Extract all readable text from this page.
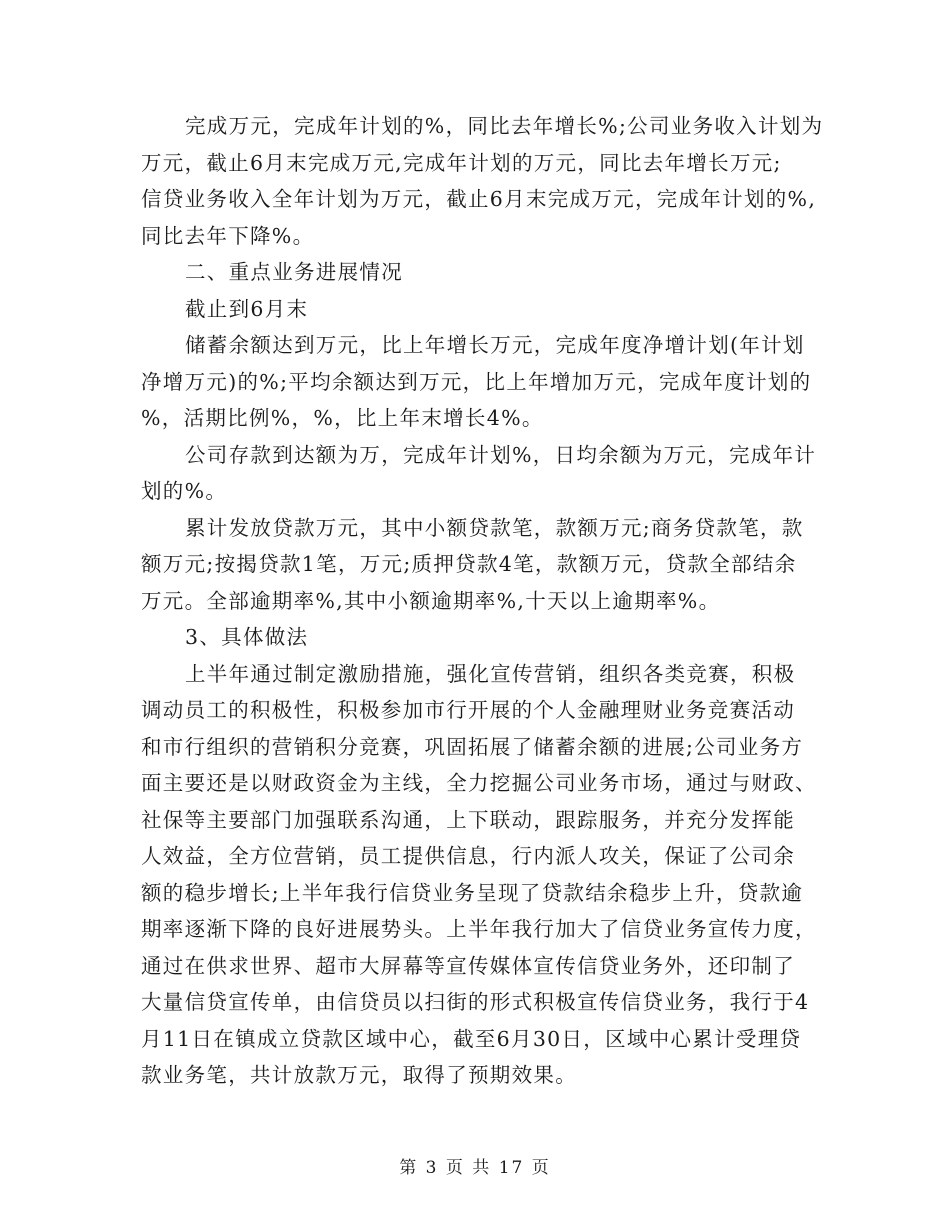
完成万元，完成年计划的%，同比去年增长%;公司业务收入计划为
万元，截止6月末完成万元,完成年计划的万元，同比去年增长万元;
信贷业务收入全年计划为万元，截止6月末完成万元，完成年计划的%,
同比去年下降%。

二、重点业务进展情况

截止到6月末

储蓄余额达到万元，比上年增长万元，完成年度净增计划(年计划
净增万元)的%;平均余额达到万元，比上年增加万元，完成年度计划的
%，活期比例%，%，比上年末增长4%。

公司存款到达额为万，完成年计划%，日均余额为万元，完成年计
划的%。

累计发放贷款万元，其中小额贷款笔，款额万元;商务贷款笔，款
额万元;按揭贷款1笔，万元;质押贷款4笔，款额万元，贷款全部结余
万元。全部逾期率%,其中小额逾期率%,十天以上逾期率%。

3、具体做法

上半年通过制定激励措施，强化宣传营销，组织各类竞赛，积极
调动员工的积极性，积极参加市行开展的个人金融理财业务竞赛活动
和市行组织的营销积分竞赛，巩固拓展了储蓄余额的进展;公司业务方
面主要还是以财政资金为主线，全力挖掘公司业务市场，通过与财政、
社保等主要部门加强联系沟通，上下联动，跟踪服务，并充分发挥能
人效益，全方位营销，员工提供信息，行内派人攻关，保证了公司余
额的稳步增长;上半年我行信贷业务呈现了贷款结余稳步上升，贷款逾
期率逐渐下降的良好进展势头。上半年我行加大了信贷业务宣传力度，
通过在供求世界、超市大屏幕等宣传媒体宣传信贷业务外，还印制了
大量信贷宣传单，由信贷员以扫街的形式积极宣传信贷业务，我行于4
月11日在镇成立贷款区域中心，截至6月30日，区域中心累计受理贷
款业务笔，共计放款万元，取得了预期效果。

第 3 页 共 17 页
